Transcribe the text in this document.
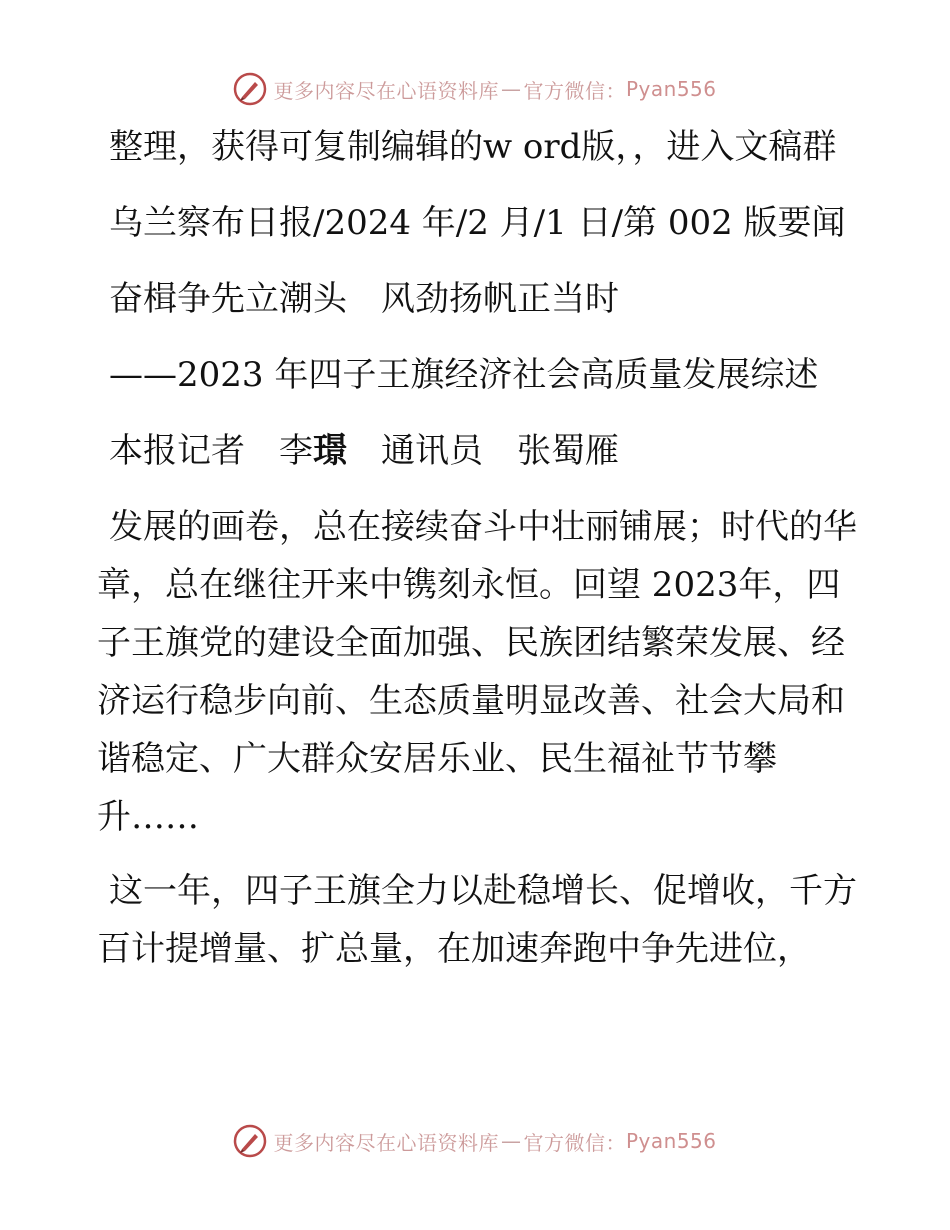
更多内容尽在心语资料库 — 官方微信： Pyan556

整理，获得可复制编辑的w ord版，，进入文稿群

乌兰察布日报/2024 年/2 月/1 日/第 002 版要闻

奋楫争先立潮头　风劲扬帆正当时

——2023 年四子王旗经济社会高质量发展综述

本报记者　李璟　通讯员　张蜀雁

发展的画卷，总在接续奋斗中壮丽铺展；时代的华章，总在继往开来中镌刻永恒。回望 2023年，四子王旗党的建设全面加强、民族团结繁荣发展、经济运行稳步向前、生态质量明显改善、社会大局和谐稳定、广大群众安居乐业、民生福祉节节攀升……

这一年，四子王旗全力以赴稳增长、促增收，千方百计提增量、扩总量，在加速奔跑中争先进位，

更多内容尽在心语资料库 — 官方微信： Pyan556
